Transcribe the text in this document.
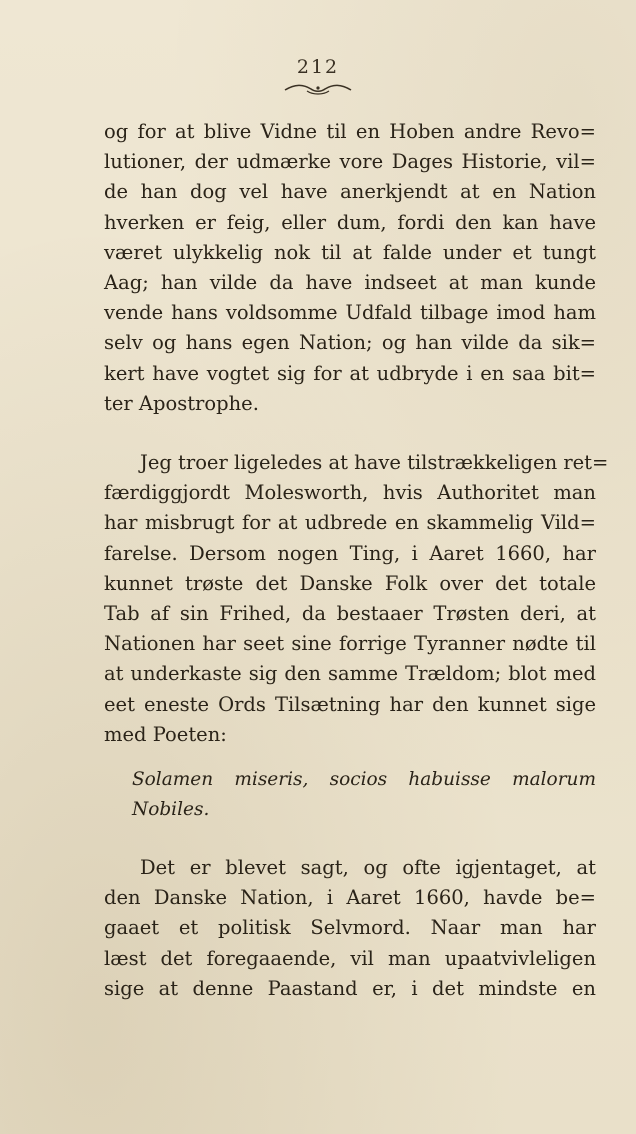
212
og for at blive Vidne til en Hoben andre Revo=
lutioner, der udmærke vore Dages Historie, vil=
de han dog vel have anerkjendt at en Nation
hverken er feig, eller dum, fordi den kan have
været ulykkelig nok til at falde under et tungt
Aag; han vilde da have indseet at man kunde
vende hans voldsomme Udfald tilbage imod ham
selv og hans egen Nation; og han vilde da sik=
kert have vogtet sig for at udbryde i en saa bit=
ter Apostrophe.
Jeg troer ligeledes at have tilstrækkeligen ret=
færdiggjordt Molesworth, hvis Authoritet man
har misbrugt for at udbrede en skammelig Vild=
farelse. Dersom nogen Ting, i Aaret 1660, har
kunnet trøste det Danske Folk over det totale
Tab af sin Frihed, da bestaaer Trøsten deri, at
Nationen har seet sine forrige Tyranner nødte til
at underkaste sig den samme Trældom; blot med
eet eneste Ords Tilsætning har den kunnet sige
med Poeten:
Solamen miseris, socios habuisse malorum
Nobiles.
Det er blevet sagt, og ofte igjentaget, at
den Danske Nation, i Aaret 1660, havde be=
gaaet et politisk Selvmord. Naar man har
læst det foregaaende, vil man upaatvivleligen
sige at denne Paastand er, i det mindste en
